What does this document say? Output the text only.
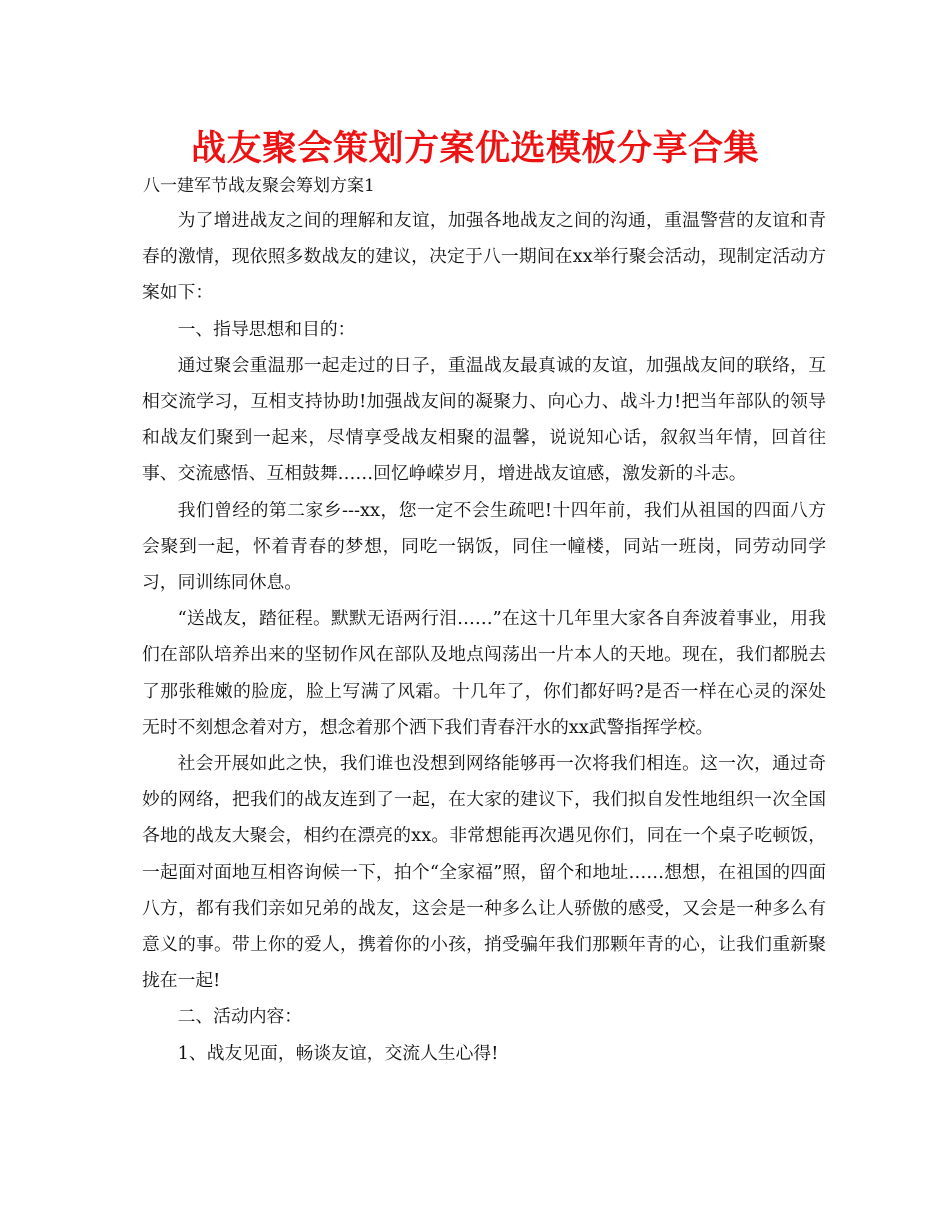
战友聚会策划方案优选模板分享合集
八一建军节战友聚会筹划方案1

为了增进战友之间的理解和友谊，加强各地战友之间的沟通，重温警营的友谊和青春的激情，现依照多数战友的建议，决定于八一期间在xx举行聚会活动，现制定活动方案如下：

一、指导思想和目的：

通过聚会重温那一起走过的日子，重温战友最真诚的友谊，加强战友间的联络，互相交流学习，互相支持协助!加强战友间的凝聚力、向心力、战斗力!把当年部队的领导和战友们聚到一起来，尽情享受战友相聚的温馨，说说知心话，叙叙当年情，回首往事、交流感悟、互相鼓舞……回忆峥嵘岁月，增进战友谊感，激发新的斗志。

我们曾经的第二家乡---xx，您一定不会生疏吧!十四年前，我们从祖国的四面八方会聚到一起，怀着青春的梦想，同吃一锅饭，同住一幢楼，同站一班岗，同劳动同学习，同训练同休息。

“送战友，踏征程。默默无语两行泪……”在这十几年里大家各自奔波着事业，用我们在部队培养出来的坚韧作风在部队及地点闯荡出一片本人的天地。现在，我们都脱去了那张稚嫩的脸庞，脸上写满了风霜。十几年了，你们都好吗?是否一样在心灵的深处无时不刻想念着对方，想念着那个洒下我们青春汗水的xx武警指挥学校。

社会开展如此之快，我们谁也没想到网络能够再一次将我们相连。这一次，通过奇妙的网络，把我们的战友连到了一起，在大家的建议下，我们拟自发性地组织一次全国各地的战友大聚会，相约在漂亮的xx。非常想能再次遇见你们，同在一个桌子吃顿饭，一起面对面地互相咨询候一下，拍个“全家福”照，留个和地址……想想，在祖国的四面八方，都有我们亲如兄弟的战友，这会是一种多么让人骄傲的感受，又会是一种多么有意义的事。带上你的爱人，携着你的小孩，捎受骗年我们那颗年青的心，让我们重新聚拢在一起!

二、活动内容：

1、战友见面，畅谈友谊，交流人生心得!
